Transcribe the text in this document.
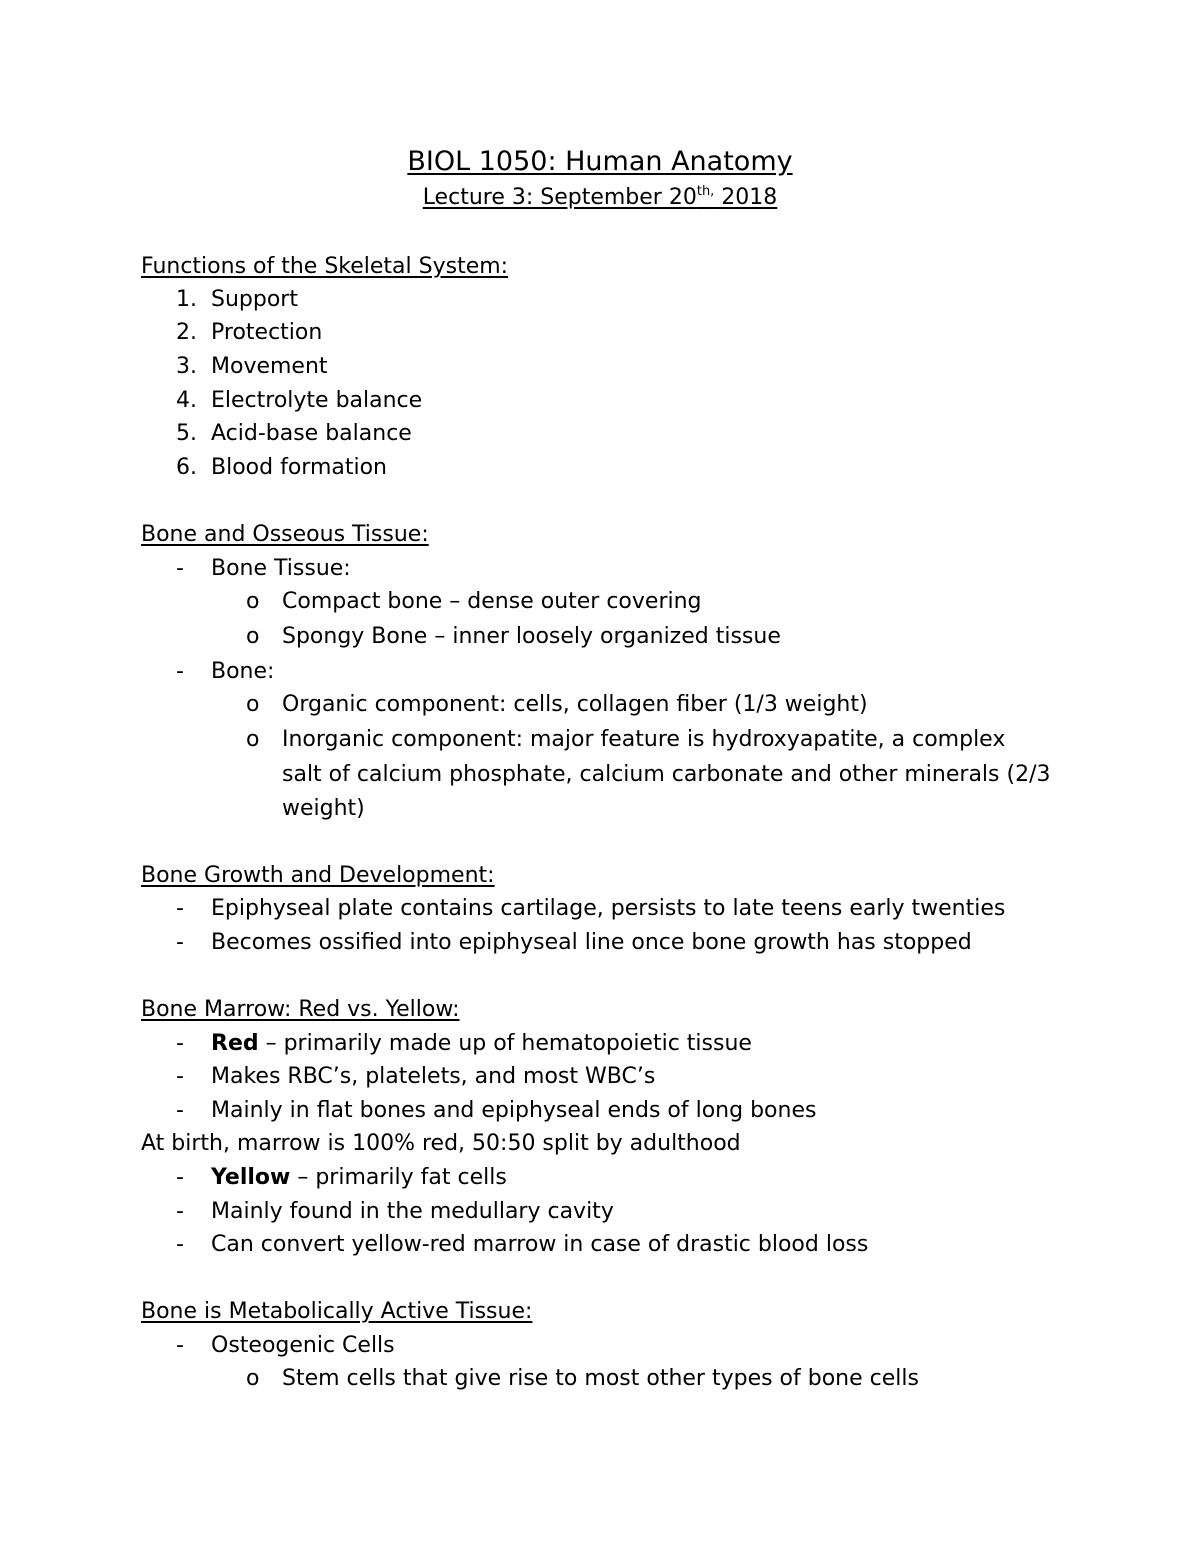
BIOL 1050: Human Anatomy
Lecture 3: September $20^{th,}$ 2018
Functions of the Skeletal System:
1. Support
2. Protection
3. Movement
4. Electrolyte balance
5. Acid-base balance
6. Blood formation
Bone and Osseous Tissue:
- Bone Tissue:
o Compact bone – dense outer covering
o Spongy Bone – inner loosely organized tissue
- Bone:
o Organic component: cells, collagen fiber (1/3 weight)
o Inorganic component: major feature is hydroxyapatite, a complex
salt of calcium phosphate, calcium carbonate and other minerals (2/3
weight)
Bone Growth and Development:
- Epiphyseal plate contains cartilage, persists to late teens early twenties
- Becomes ossified into epiphyseal line once bone growth has stopped
Bone Marrow: Red vs. Yellow:
- Red – primarily made up of hematopoietic tissue
- Makes RBC’s, platelets, and most WBC’s
- Mainly in flat bones and epiphyseal ends of long bones
At birth, marrow is 100% red, 50:50 split by adulthood
- Yellow – primarily fat cells
- Mainly found in the medullary cavity
- Can convert yellow-red marrow in case of drastic blood loss
Bone is Metabolically Active Tissue:
- Osteogenic Cells
o Stem cells that give rise to most other types of bone cells
